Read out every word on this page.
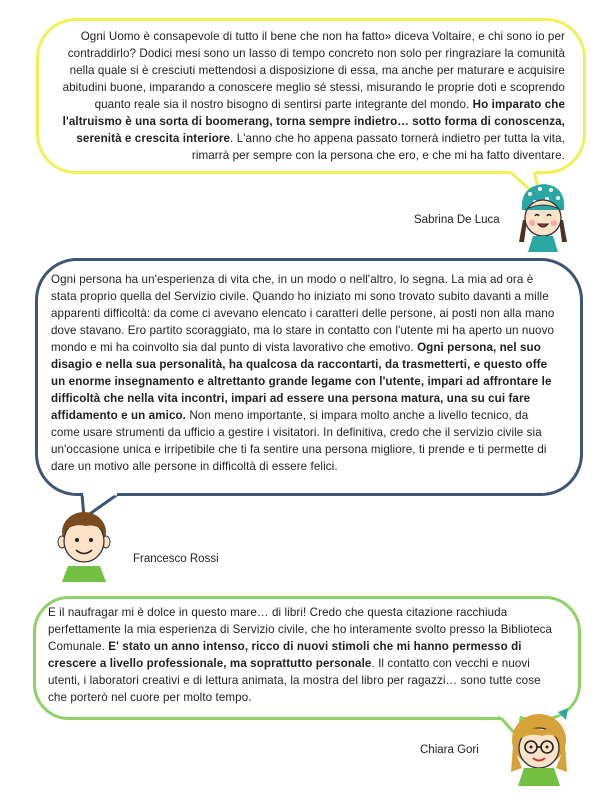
Ogni Uomo è consapevole di tutto il bene che non ha fatto» diceva Voltaire, e chi sono io per contraddirlo? Dodici mesi sono un lasso di tempo concreto non solo per ringraziare la comunità nella quale si è cresciuti mettendosi a disposizione di essa, ma anche per maturare e acquisire abitudini buone, imparando a conoscere meglio sé stessi, misurando le proprie doti e scoprendo quanto reale sia il nostro bisogno di sentirsi parte integrante del mondo. Ho imparato che l'altruismo è una sorta di boomerang, torna sempre indietro… sotto forma di conoscenza, serenità e crescita interiore. L'anno che ho appena passato tornerà indietro per tutta la vita, rimarrà per sempre con la persona che ero, e che mi ha fatto diventare.

Sabrina De Luca

Ogni persona ha un'esperienza di vita che, in un modo o nell'altro, lo segna. La mia ad ora è stata proprio quella del Servizio civile. Quando ho iniziato mi sono trovato subito davanti a mille apparenti difficoltà: da come ci avevano elencato i caratteri delle persone, ai posti non alla mano dove stavano. Ero partito scoraggiato, ma lo stare in contatto con l'utente mi ha aperto un nuovo mondo e mi ha coinvolto sia dal punto di vista lavorativo che emotivo. Ogni persona, nel suo disagio e nella sua personalità, ha qualcosa da raccontarti, da trasmetterti, e questo offe un enorme insegnamento e altrettanto grande legame con l'utente, impari ad affrontare le difficoltà che nella vita incontri, impari ad essere una persona matura, una su cui fare affidamento e un amico. Non meno importante, si impara molto anche a livello tecnico, da come usare strumenti da ufficio a gestire i visitatori. In definitiva, credo che il servizio civile sia un'occasione unica e irripetibile che ti fa sentire una persona migliore, ti prende e ti permette di dare un motivo alle persone in difficoltà di essere felici.

Francesco Rossi

E il naufragar mi è dolce in questo mare… di libri! Credo che questa citazione racchiuda perfettamente la mia esperienza di Servizio civile, che ho interamente svolto presso la Biblioteca Comunale. E' stato un anno intenso, ricco di nuovi stimoli che mi hanno permesso di crescere a livello professionale, ma soprattutto personale. Il contatto con vecchi e nuovi utenti, i laboratori creativi e di lettura animata, la mostra del libro per ragazzi… sono tutte cose che porterò nel cuore per molto tempo.

Chiara Gori
